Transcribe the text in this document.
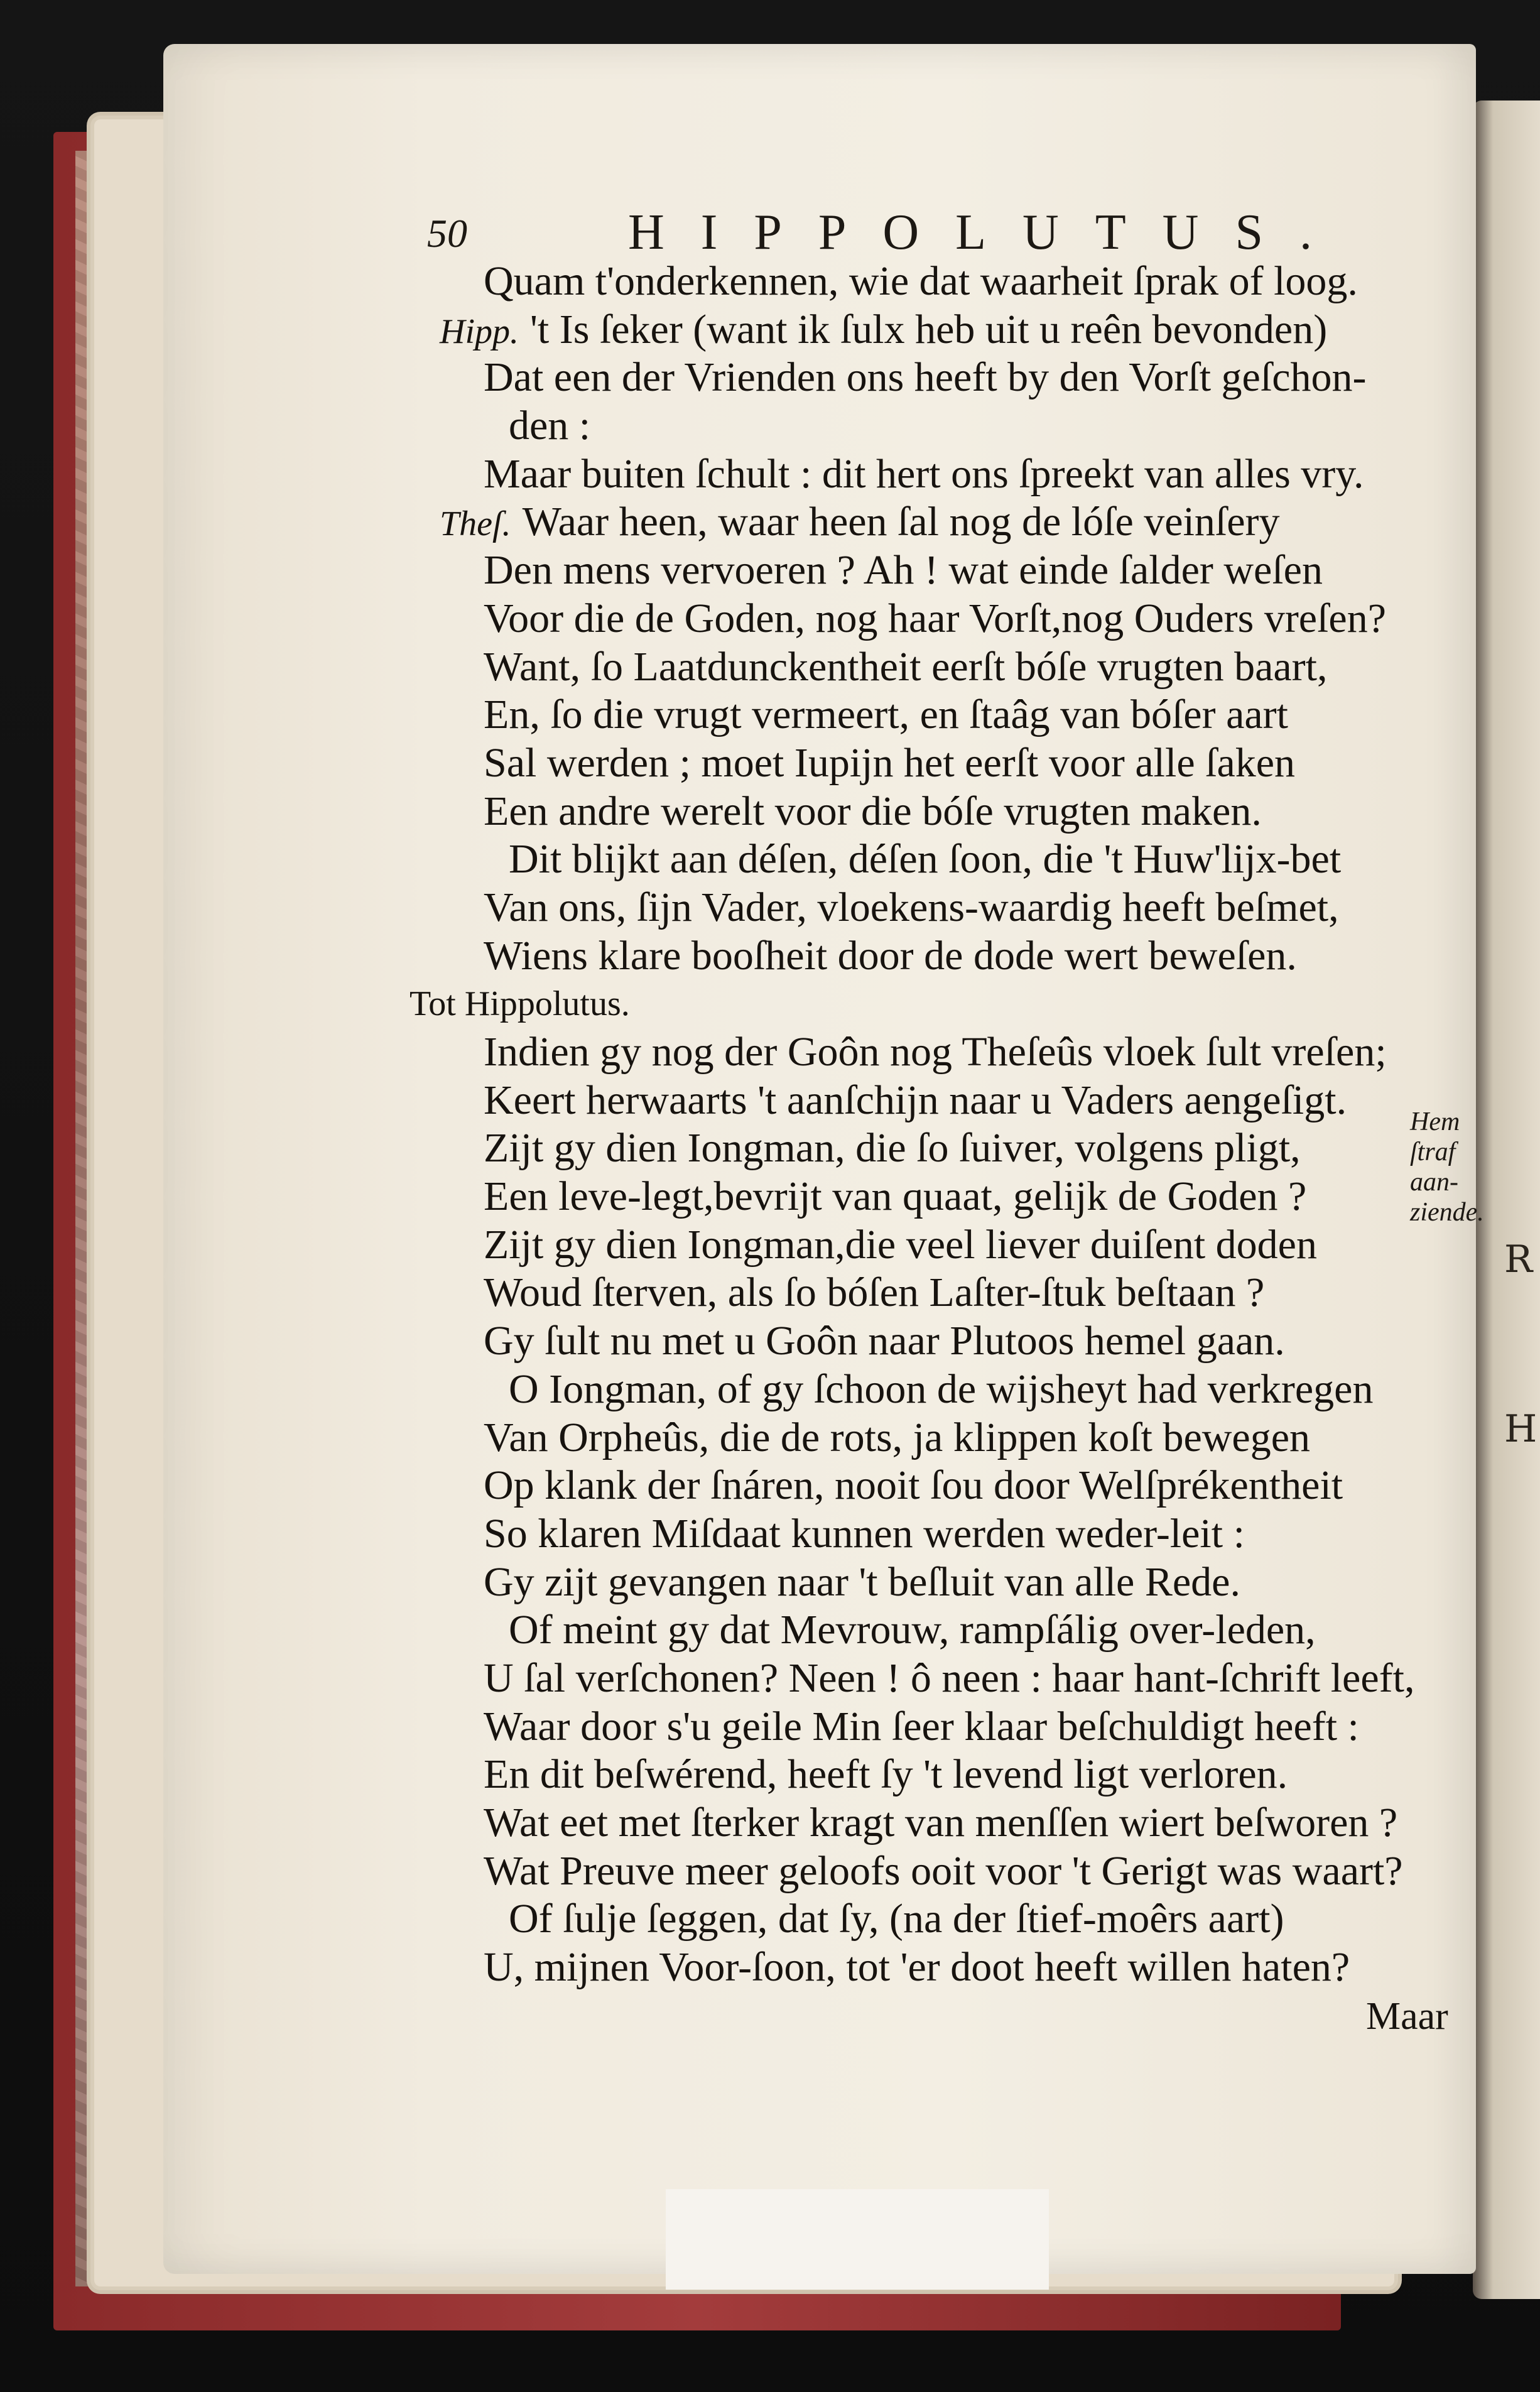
R
H
50	HIPPOLUTUS.
Quam t'onderkennen, wie dat waarheit ſprak of loog.
Hipp. 't Is ſeker (want ik ſulx heb uit u reên bevonden)
Dat een der Vrienden ons heeft by den Vorſt geſchon-
den :
Maar buiten ſchult : dit hert ons ſpreekt van alles vry.
Theſ. Waar heen, waar heen ſal nog de lóſe veinſery
Den mens vervoeren ? Ah ! wat einde ſalder weſen
Voor die de Goden, nog haar Vorſt,nog Ouders vreſen?
Want, ſo Laatdunckentheit eerſt bóſe vrugten baart,
En, ſo die vrugt vermeert, en ſtaâg van bóſer aart
Sal werden ; moet Iupijn het eerſt voor alle ſaken
Een andre werelt voor die bóſe vrugten maken.
Dit blijkt aan déſen, déſen ſoon, die 't Huw'lijx-bet
Van ons, ſijn Vader, vloekens-waardig heeft beſmet,
Wiens klare booſheit door de dode wert beweſen.
Tot Hippolutus.
Indien gy nog der Goôn nog Theſeûs vloek ſult vreſen;
Keert herwaarts 't aanſchijn naar u Vaders aengeſigt.
Zijt gy dien Iongman, die ſo ſuiver, volgens pligt,
Een leve-legt,bevrijt van quaat, gelijk de Goden ?
Zijt gy dien Iongman,die veel liever duiſent doden
Woud ſterven, als ſo bóſen Laſter-ſtuk beſtaan ?
Gy ſult nu met u Goôn naar Plutoos hemel gaan.
O Iongman, of gy ſchoon de wijsheyt had verkregen
Van Orpheûs, die de rots, ja klippen koſt bewegen
Op klank der ſnáren, nooit ſou door Welſprékentheit
So klaren Miſdaat kunnen werden weder-leit :
Gy zijt gevangen naar 't beſluit van alle Rede.
Of meint gy dat Mevrouw, rampſálig over-leden,
U ſal verſchonen? Neen ! ô neen : haar hant-ſchrift leeft,
Waar door s'u geile Min ſeer klaar beſchuldigt heeft :
En dit beſwérend, heeft ſy 't levend ligt verloren.
Wat eet met ſterker kragt van menſſen wiert beſworen ?
Wat Preuve meer geloofs ooit voor 't Gerigt was waart?
Of ſulje ſeggen, dat ſy, (na der ſtief-moêrs aart)
U, mijnen Voor-ſoon, tot 'er doot heeft willen haten?
Hem
ſtraf
aan-
ziende.
Maar
